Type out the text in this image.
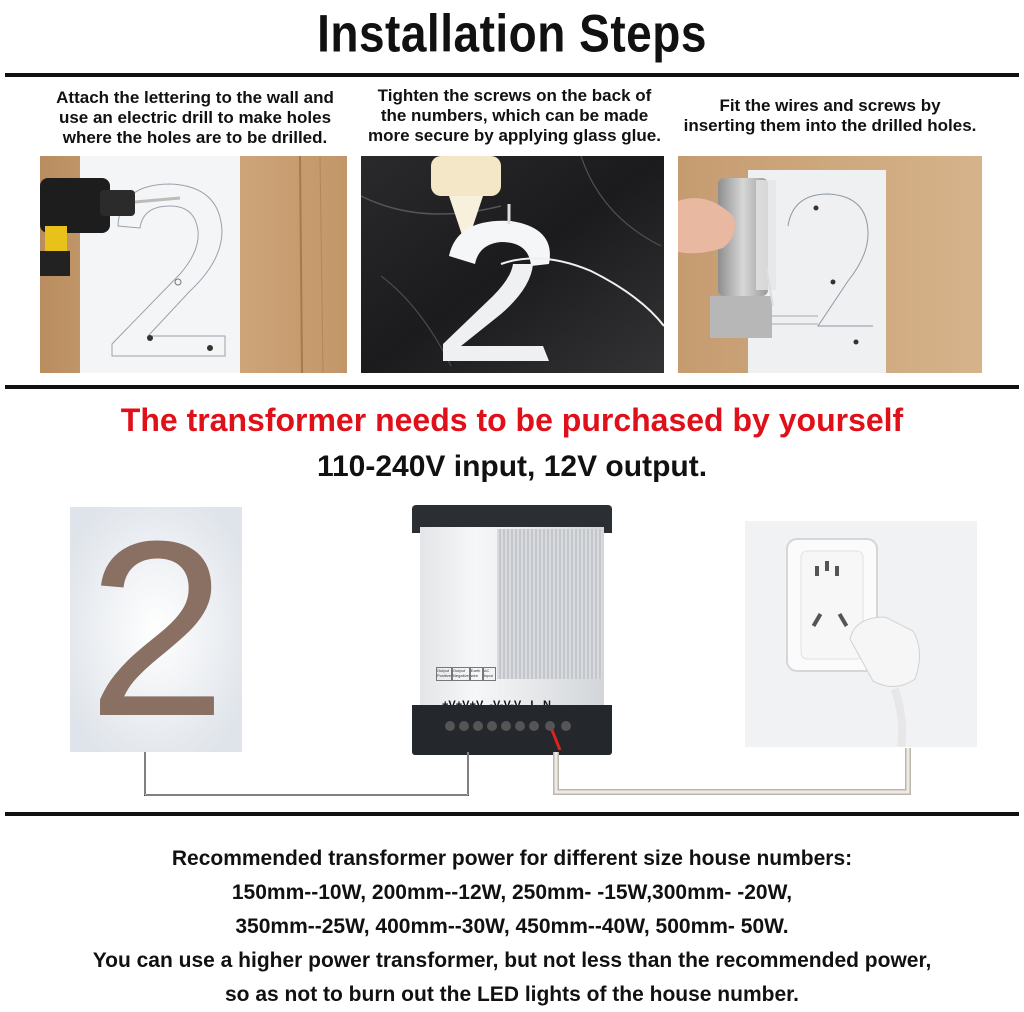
Installation Steps
Attach the lettering to the wall and
use an electric drill to make holes
where the holes are to be drilled.
Tighten the screws on the back of
the numbers, which can be made
more secure by applying glass glue.
Fit the wires and screws by
inserting them into the drilled holes.
The transformer needs to be purchased by yourself
110-240V input, 12V output.
2	Output Positive
Output Negative
Earth wire
AC Input
Recommended transformer power for different size house numbers:
150mm--10W, 200mm--12W, 250mm- -15W,300mm- -20W,
350mm--25W, 400mm--30W, 450mm--40W, 500mm- 50W.
You can use a higher power transformer, but not less than the recommended power,
so as not to burn out the LED lights of the house number.
